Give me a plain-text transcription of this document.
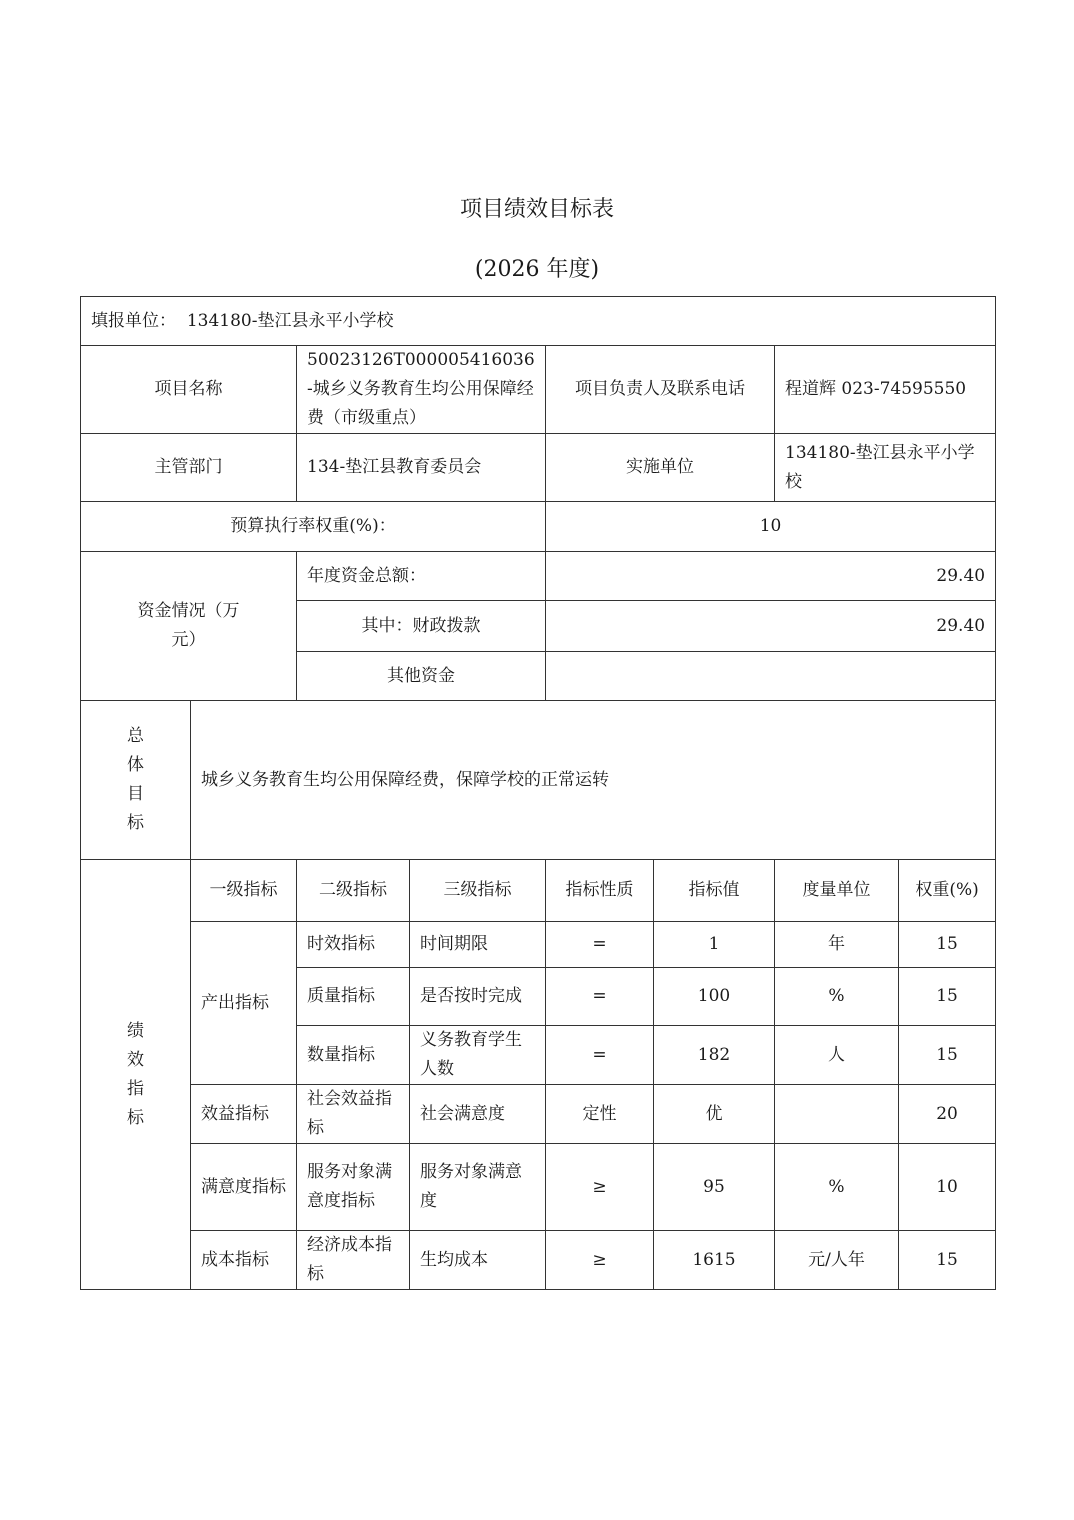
项目绩效目标表
(2026 年度)
填报单位： 134180-垫江县永平小学校							
项目名称		50023126T000005416036-城乡义务教育生均公用保障经费（市级重点）		项目负责人及联系电话		程道辉 023-74595550	
主管部门		134-垫江县教育委员会		实施单位		134180-垫江县永平小学校	
预算执行率权重(%)：				10			
资金情况（万元）		年度资金总额：		29.40			
		其中：财政拨款		29.40			
		其他资金					
总体目标	城乡义务教育生均公用保障经费，保障学校的正常运转						
绩效指标	一级指标	二级指标	三级指标	指标性质	指标值	度量单位	权重(%)
	产出指标	时效指标	时间期限	=	1	年	15
		质量指标	是否按时完成	=	100	%	15
		数量指标	义务教育学生人数	=	182	人	15
	效益指标	社会效益指标	社会满意度	定性	优		20
	满意度指标	服务对象满意度指标	服务对象满意度	≥	95	%	10
	成本指标	经济成本指标	生均成本	≥	1615	元/人年	15
